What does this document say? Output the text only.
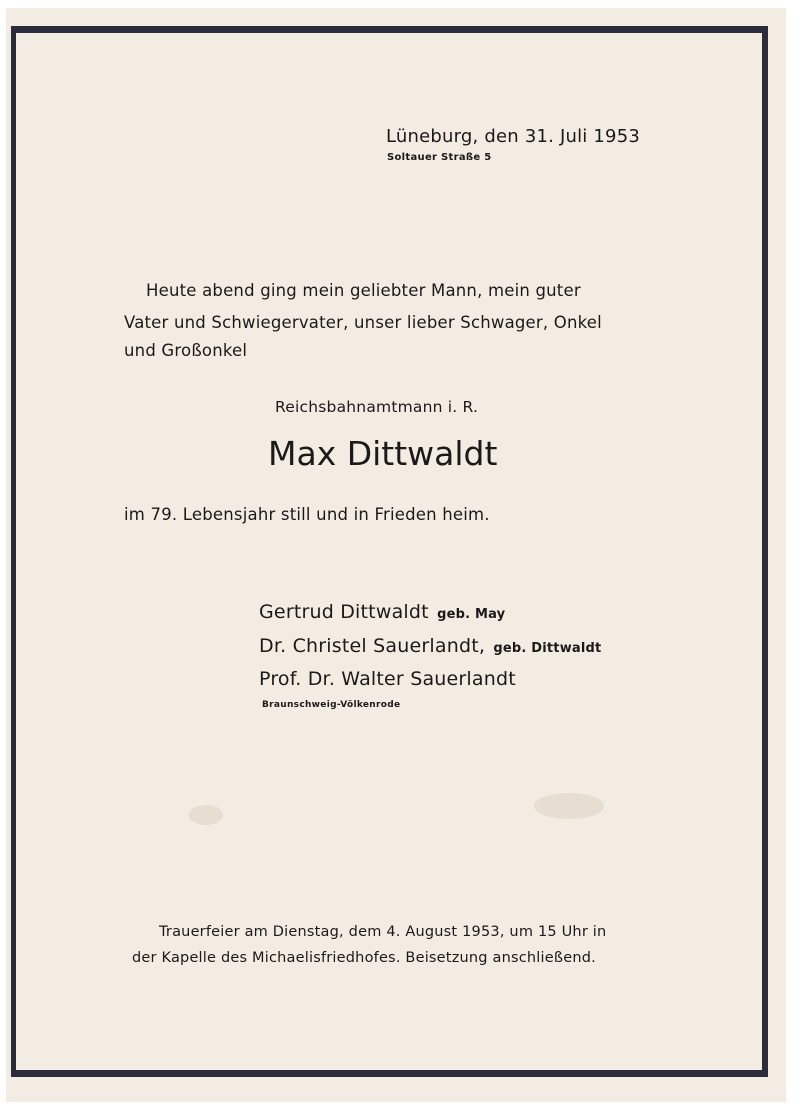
Lüneburg, den 31. Juli 1953
Soltauer Straße 5
Heute abend ging mein geliebter Mann, mein guter
Vater und Schwiegervater, unser lieber Schwager, Onkel
und Großonkel
Reichsbahnamtmann i. R.
Max Dittwaldt
im 79. Lebensjahr still und in Frieden heim.
Gertrud Dittwaldt geb. May
Dr. Christel Sauerlandt, geb. Dittwaldt
Prof. Dr. Walter Sauerlandt
Braunschweig-Völkenrode
Trauerfeier am Dienstag, dem 4. August 1953, um 15 Uhr in
der Kapelle des Michaelisfriedhofes. Beisetzung anschließend.
